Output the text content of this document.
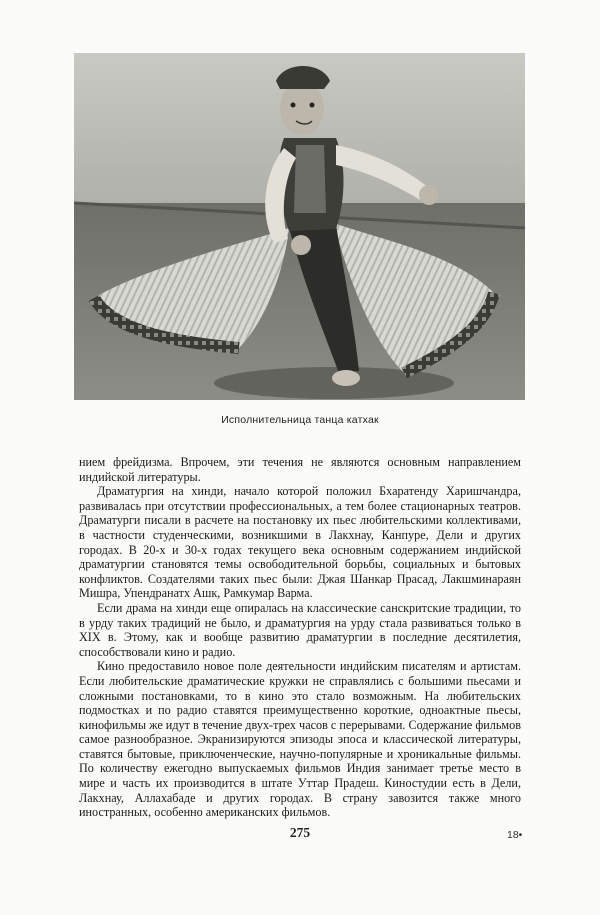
Исполнительница танца катхак

нием фрейдизма. Впрочем, эти течения не являются основным направлением индийской литературы.

Драматургия на хинди, начало которой положил Бхаратенду Харишчандра, развивалась при отсутствии профессиональных, а тем более стационарных театров. Драматурги писали в расчете на постановку их пьес любительскими коллективами, в частности студенческими, возникшими в Лакхнау, Канпуре, Дели и других городах. В 20-х и 30-х годах текущего века основным содержанием индийской драматургии становятся темы освободительной борьбы, социальных и бытовых конфликтов. Создателями таких пьес были: Джая Шанкар Прасад, Лакшминараян Мишра, Упендранатх Ашк, Рамкумар Варма.

Если драма на хинди еще опиралась на классические санскритские традиции, то в урду таких традиций не было, и драматургия на урду стала развиваться только в XIX в. Этому, как и вообще развитию драматургии в последние десятилетия, способствовали кино и радио.

Кино предоставило новое поле деятельности индийским писателям и артистам. Если любительские драматические кружки не справлялись с большими пьесами и сложными постановками, то в кино это стало возможным. На любительских подмостках и по радио ставятся преимущественно короткие, одноактные пьесы, кинофильмы же идут в течение двух-трех часов с перерывами. Содержание фильмов самое разнообразное. Экранизируются эпизоды эпоса и классической литературы, ставятся бытовые, приключенческие, научно-популярные и хроникальные фильмы. По количеству ежегодно выпускаемых фильмов Индия занимает третье место в мире и часть их производится в штате Уттар Прадеш. Киностудии есть в Дели, Лакхнау, Аллахабаде и других городах. В страну завозится также много иностранных, особенно американских фильмов.

275	18•
